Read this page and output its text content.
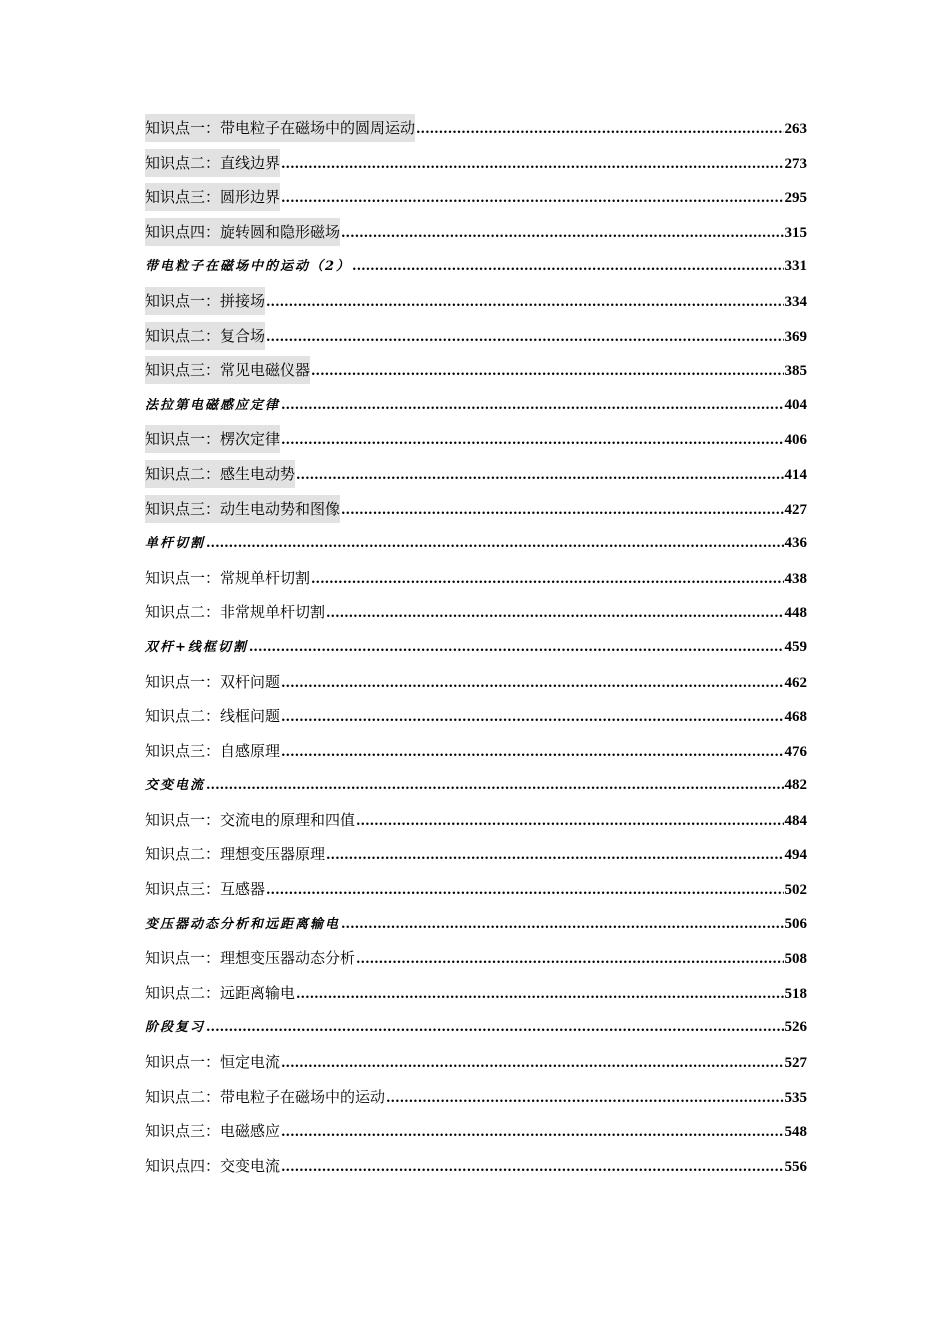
知识点一：带电粒子在磁场中的圆周运动 .....	263
知识点二：直线边界 .....	273
知识点三：圆形边界 .....	295
知识点四：旋转圆和隐形磁场 .....	315
带电粒子在磁场中的运动（2） .....	331
知识点一：拼接场 .....	334
知识点二：复合场 .....	369
知识点三：常见电磁仪器 .....	385
法拉第电磁感应定律 .....	404
知识点一：楞次定律 .....	406
知识点二：感生电动势 .....	414
知识点三：动生电动势和图像 .....	427
单杆切割 .....	436
知识点一：常规单杆切割 .....	438
知识点二：非常规单杆切割 .....	448
双杆+线框切割 .....	459
知识点一：双杆问题 .....	462
知识点二：线框问题 .....	468
知识点三：自感原理 .....	476
交变电流 .....	482
知识点一：交流电的原理和四值 .....	484
知识点二：理想变压器原理 .....	494
知识点三：互感器 .....	502
变压器动态分析和远距离输电 .....	506
知识点一：理想变压器动态分析 .....	508
知识点二：远距离输电 .....	518
阶段复习 .....	526
知识点一：恒定电流 .....	527
知识点二：带电粒子在磁场中的运动 .....	535
知识点三：电磁感应 .....	548
知识点四：交变电流 .....	556
